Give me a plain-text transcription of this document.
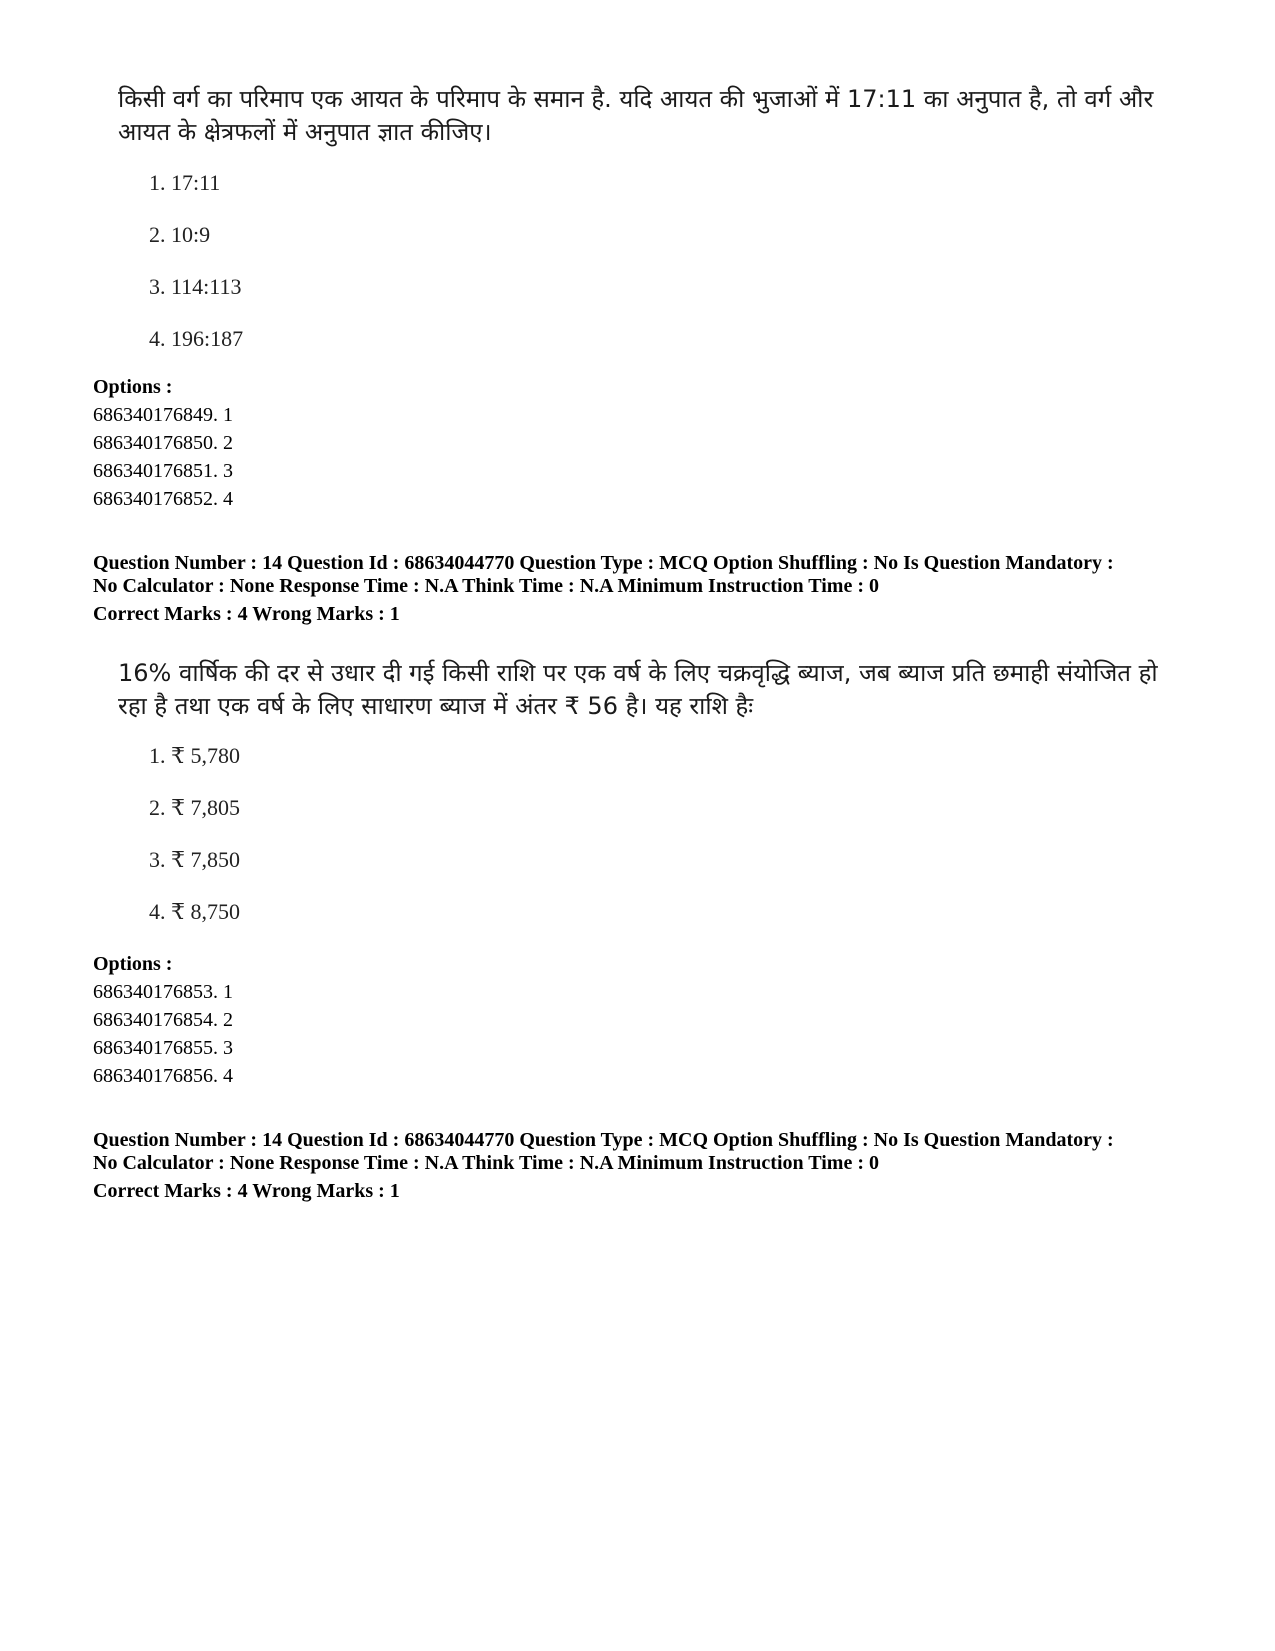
किसी वर्ग का परिमाप एक आयत के परिमाप के समान है. यदि आयत की भुजाओं में 17:11 का अनुपात है, तो वर्ग और आयत के क्षेत्रफलों में अनुपात ज्ञात कीजिए।
1. 17:11
2. 10:9
3. 114:113
4. 196:187
Options :
686340176849. 1
686340176850. 2
686340176851. 3
686340176852. 4
Question Number : 14 Question Id : 68634044770 Question Type : MCQ Option Shuffling : No Is Question Mandatory :
No Calculator : None Response Time : N.A Think Time : N.A Minimum Instruction Time : 0
Correct Marks : 4 Wrong Marks : 1
16% वार्षिक की दर से उधार दी गई किसी राशि पर एक वर्ष के लिए चक्रवृद्धि ब्याज, जब ब्याज प्रति छमाही संयोजित हो रहा है तथा एक वर्ष के लिए साधारण ब्याज में अंतर ₹ 56 है। यह राशि हैः
1. ₹ 5,780
2. ₹ 7,805
3. ₹ 7,850
4. ₹ 8,750
Options :
686340176853. 1
686340176854. 2
686340176855. 3
686340176856. 4
Question Number : 14 Question Id : 68634044770 Question Type : MCQ Option Shuffling : No Is Question Mandatory :
No Calculator : None Response Time : N.A Think Time : N.A Minimum Instruction Time : 0
Correct Marks : 4 Wrong Marks : 1
